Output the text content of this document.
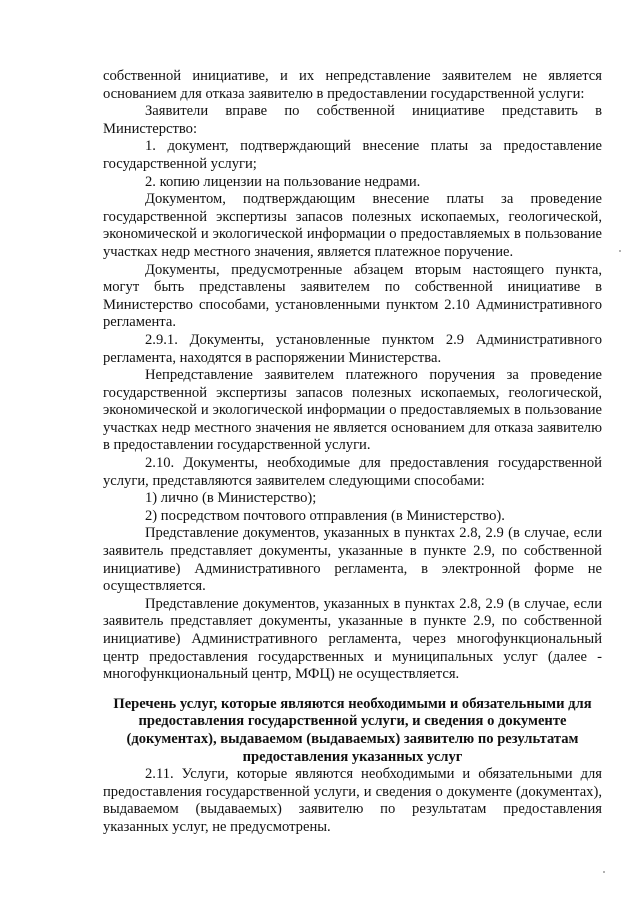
собственной инициативе, и их непредставление заявителем не является основанием для отказа заявителю в предоставлении государственной услуги:

Заявители вправе по собственной инициативе представить в Министерство:

1. документ, подтверждающий внесение платы за предоставление государственной услуги;

2. копию лицензии на пользование недрами.

Документом, подтверждающим внесение платы за проведение государственной экспертизы запасов полезных ископаемых, геологической, экономической и экологической информации о предоставляемых в пользование участках недр местного значения, является платежное поручение.

Документы, предусмотренные абзацем вторым настоящего пункта, могут быть представлены заявителем по собственной инициативе в Министерство способами, установленными пунктом 2.10 Административного регламента.

2.9.1. Документы, установленные пунктом 2.9 Административного регламента, находятся в распоряжении Министерства.

Непредставление заявителем платежного поручения за проведение государственной экспертизы запасов полезных ископаемых, геологической, экономической и экологической информации о предоставляемых в пользование участках недр местного значения не является основанием для отказа заявителю в предоставлении государственной услуги.

2.10. Документы, необходимые для предоставления государственной услуги, представляются заявителем следующими способами:

1) лично (в Министерство);

2) посредством почтового отправления (в Министерство).

Представление документов, указанных в пунктах 2.8, 2.9 (в случае, если заявитель представляет документы, указанные в пункте 2.9, по собственной инициативе) Административного регламента, в электронной форме не осуществляется.

Представление документов, указанных в пунктах 2.8, 2.9 (в случае, если заявитель представляет документы, указанные в пункте 2.9, по собственной инициативе) Административного регламента, через многофункциональный центр предоставления государственных и муниципальных услуг (далее - многофункциональный центр, МФЦ) не осуществляется.

Перечень услуг, которые являются необходимыми и обязательными для предоставления государственной услуги, и сведения о документе (документах), выдаваемом (выдаваемых) заявителю по результатам предоставления указанных услуг

2.11. Услуги, которые являются необходимыми и обязательными для предоставления государственной услуги, и сведения о документе (документах), выдаваемом (выдаваемых) заявителю по результатам предоставления указанных услуг, не предусмотрены.
